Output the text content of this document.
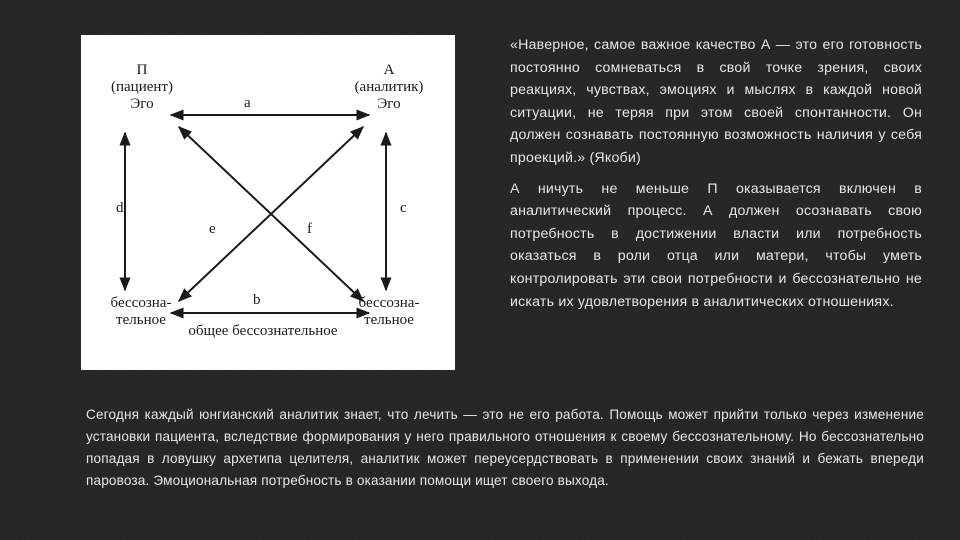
П
(пациент)
Эго
А
(аналитик)
Эго
a
b
d	c
e	f
бессозна-
тельное
бессозна-
тельное
общее бессознательное

«Наверное, самое важное качество А — это его готовность постоянно сомневаться в свой точке зрения, своих реакциях, чувствах, эмоциях и мыслях в каждой новой ситуации, не теряя при этом своей спонтанности. Он должен сознавать постоянную возможность наличия у себя проекций.» (Якоби)

А ничуть не меньше П оказывается включен в аналитический процесс. А должен осознавать свою потребность в достижении власти или потребность оказаться в роли отца или матери, чтобы уметь контролировать эти свои потребности и бессознательно не искать их удовлетворения в аналитических отношениях.

Сегодня каждый юнгианский аналитик знает, что лечить — это не его работа. Помощь может прийти только через изменение установки пациента, вследствие формирования у него правильного отношения к своему бессознательному. Но бессознательно попадая в ловушку архетипа целителя, аналитик может переусердствовать в применении своих знаний и бежать впереди паровоза. Эмоциональная потребность в оказании помощи ищет своего выхода.
